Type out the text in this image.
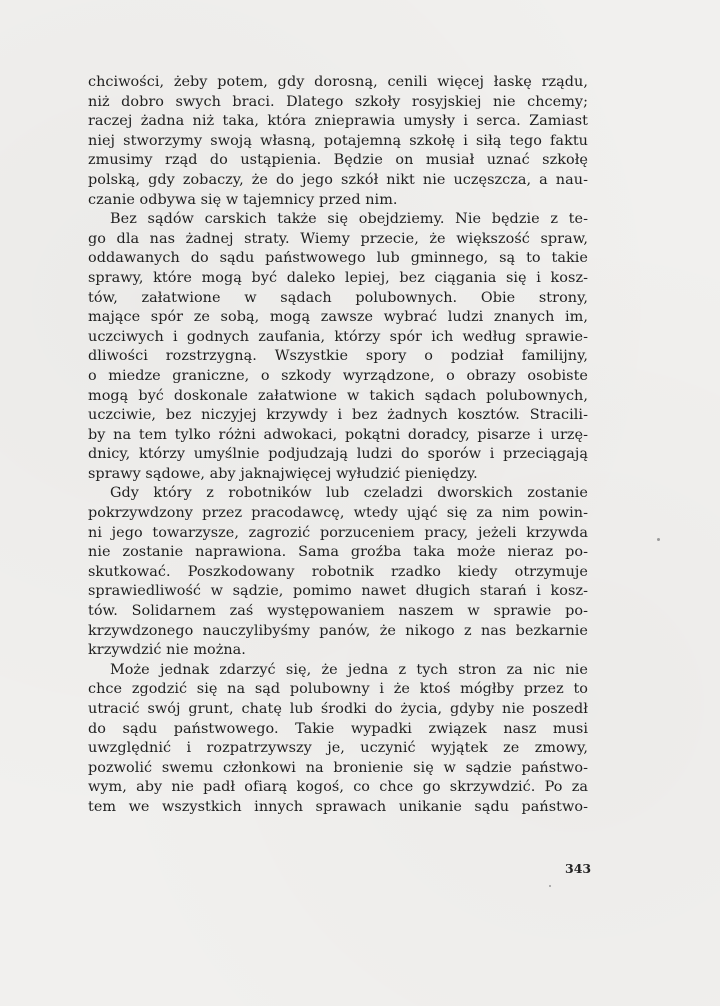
chciwości, żeby potem, gdy dorosną, cenili więcej łaskę rządu,
niż dobro swych braci. Dlatego szkoły rosyjskiej nie chcemy;
raczej żadna niż taka, która znieprawia umysły i serca. Zamiast
niej stworzymy swoją własną, potajemną szkołę i siłą tego faktu
zmusimy rząd do ustąpienia. Będzie on musiał uznać szkołę
polską, gdy zobaczy, że do jego szkół nikt nie uczęszcza, a nau-
czanie odbywa się w tajemnicy przed nim.
Bez sądów carskich także się obejdziemy. Nie będzie z te-
go dla nas żadnej straty. Wiemy przecie, że większość spraw,
oddawanych do sądu państwowego lub gminnego, są to takie
sprawy, które mogą być daleko lepiej, bez ciągania się i kosz-
tów, załatwione w sądach polubownych. Obie strony,
mające spór ze sobą, mogą zawsze wybrać ludzi znanych im,
uczciwych i godnych zaufania, którzy spór ich według sprawie-
dliwości rozstrzygną. Wszystkie spory o podział familijny,
o miedze graniczne, o szkody wyrządzone, o obrazy osobiste
mogą być doskonale załatwione w takich sądach polubownych,
uczciwie, bez niczyjej krzywdy i bez żadnych kosztów. Stracili-
by na tem tylko różni adwokaci, pokątni doradcy, pisarze i urzę-
dnicy, którzy umyślnie podjudzają ludzi do sporów i przeciągają
sprawy sądowe, aby jaknajwięcej wyłudzić pieniędzy.
Gdy który z robotników lub czeladzi dworskich zostanie
pokrzywdzony przez pracodawcę, wtedy ująć się za nim powin-
ni jego towarzysze, zagrozić porzuceniem pracy, jeżeli krzywda
nie zostanie naprawiona. Sama groźba taka może nieraz po-
skutkować. Poszkodowany robotnik rzadko kiedy otrzymuje
sprawiedliwość w sądzie, pomimo nawet długich starań i kosz-
tów. Solidarnem zaś występowaniem naszem w sprawie po-
krzywdzonego nauczylibyśmy panów, że nikogo z nas bezkarnie
krzywdzić nie można.
Może jednak zdarzyć się, że jedna z tych stron za nic nie
chce zgodzić się na sąd polubowny i że ktoś mógłby przez to
utracić swój grunt, chatę lub środki do życia, gdyby nie poszedł
do sądu państwowego. Takie wypadki związek nasz musi
uwzględnić i rozpatrzywszy je, uczynić wyjątek ze zmowy,
pozwolić swemu członkowi na bronienie się w sądzie państwo-
wym, aby nie padł ofiarą kogoś, co chce go skrzywdzić. Po za
tem we wszystkich innych sprawach unikanie sądu państwo-
343
